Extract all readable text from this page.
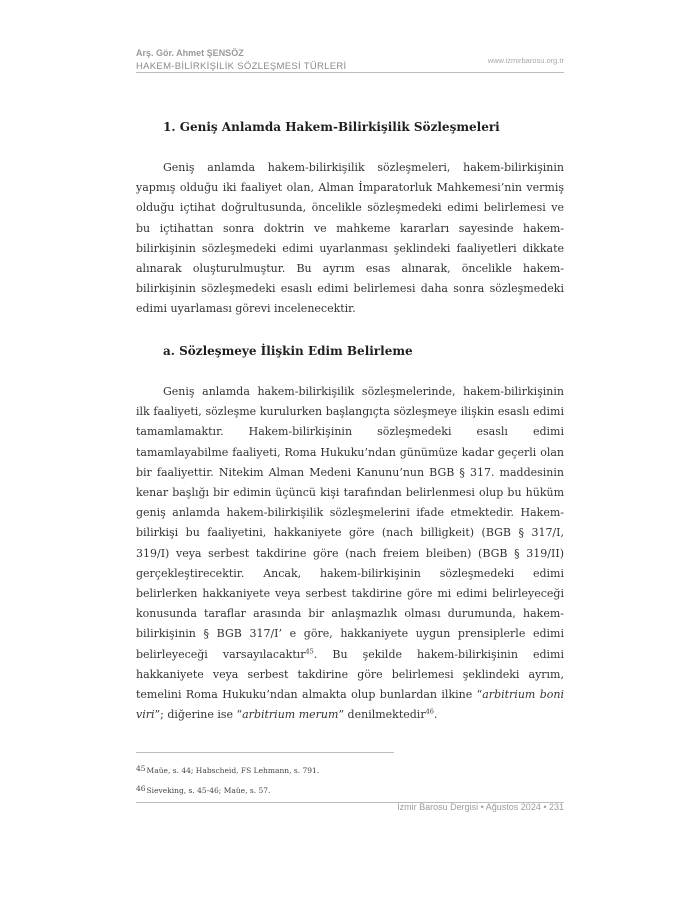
Arş. Gör. Ahmet ŞENSÖZ
HAKEM-BİLİRKİŞİLİK SÖZLEŞMESİ TÜRLERİ
www.izmirbarosu.org.tr
1. Geniş Anlamda Hakem-Bilirkişilik Sözleşmeleri

Geniş anlamda hakem-bilirkişilik sözleşmeleri, hakem-bilirkişinin yapmış olduğu iki faaliyet olan, Alman İmparatorluk Mahkemesi’nin vermiş olduğu içtihat doğrultusunda, öncelikle sözleşmedeki edimi belirlemesi ve bu içtihattan sonra doktrin ve mahkeme kararları sayesinde hakem-bilirkişinin sözleşmedeki edimi uyarlanması şeklindeki faaliyetleri dikkate alınarak oluşturulmuştur. Bu ayrım esas alınarak, öncelikle hakem-bilirkişinin sözleşmedeki esaslı edimi belirlemesi daha sonra sözleşmedeki edimi uyarlaması görevi incelenecektir.

a. Sözleşmeye İlişkin Edim Belirleme

Geniş anlamda hakem-bilirkişilik sözleşmelerinde, hakem-bilirkişinin ilk faaliyeti, sözleşme kurulurken başlangıçta sözleşmeye ilişkin esaslı edimi tamamlamaktır. Hakem-bilirkişinin sözleşmedeki esaslı edimi tamamlayabilme faaliyeti, Roma Hukuku’ndan günümüze kadar geçerli olan bir faaliyettir. Nitekim Alman Medeni Kanunu’nun BGB § 317. maddesinin kenar başlığı bir edimin üçüncü kişi tarafından belirlenmesi olup bu hüküm geniş anlamda hakem-bilirkişilik sözleşmelerini ifade etmektedir. Hakem-bilirkişi bu faaliyetini, hakkaniyete göre (nach billigkeit) (BGB § 317/I, 319/I) veya serbest takdirine göre (nach freiem bleiben) (BGB § 319/II) gerçekleştirecektir. Ancak, hakem-bilirkişinin sözleşmedeki edimi belirlerken hakkaniyete veya serbest takdirine göre mi edimi belirleyeceği konusunda taraflar arasında bir anlaşmazlık olması durumunda, hakem-bilirkişinin § BGB 317/I’ e göre, hakkaniyete uygun prensiplerle edimi belirleyeceği varsayılacaktır$^{45}$. Bu şekilde hakem-bilirkişinin edimi hakkaniyete veya serbest takdirine göre belirlemesi şeklindeki ayrım, temelini Roma Hukuku’ndan almakta olup bunlardan ilkine “arbitrium boni viri”; diğerine ise “arbitrium merum” denilmektedir$^{46}$.

$^{45}$Maüe, s. 44; Habscheid, FS Lehmann, s. 791.
$^{46}$Sieveking, s. 45-46; Maüe, s. 57.
İzmir Barosu Dergisi • Ağustos 2024 • 231
